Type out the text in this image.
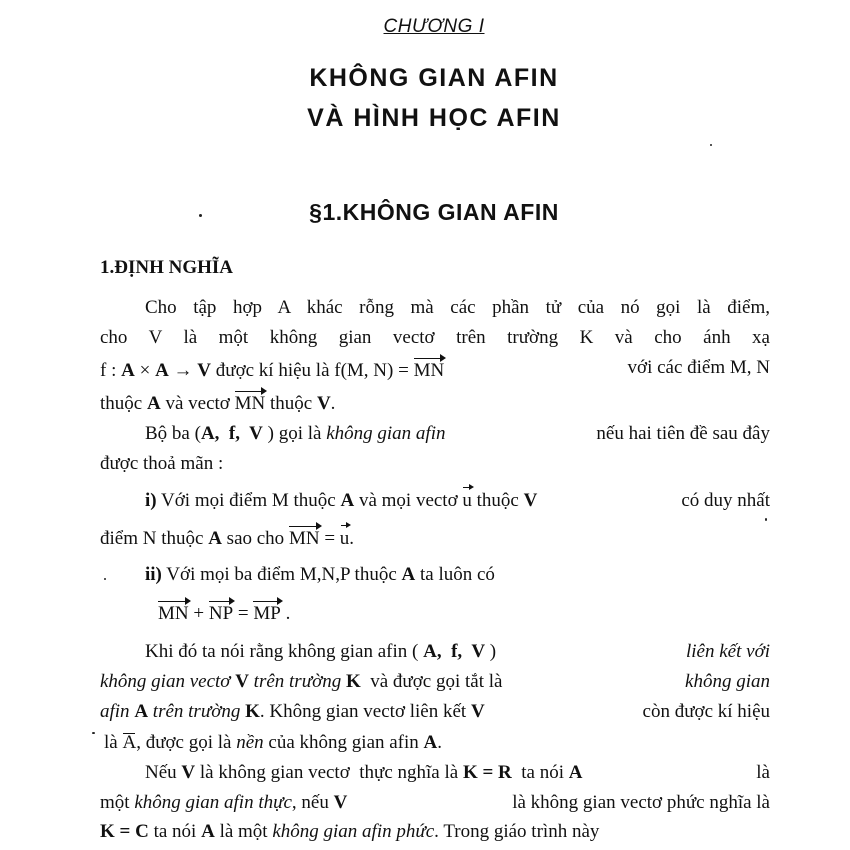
CHƯƠNG I
KHÔNG GIAN AFIN
VÀ HÌNH HỌC AFIN
§1.KHÔNG GIAN AFIN
1.ĐỊNH NGHĨA
Cho tập hợp A khác rỗng mà các phần tử của nó gọi là điểm,
cho V là một không gian vectơ trên trường K và cho ánh xạ
f : A × A → V được kí hiệu là f(M, N) = MN	với các điểm M, N
thuộc A và vectơ MN thuộc V.
Bộ ba (A,  f,  V ) gọi là không gian afin	nếu hai tiên đề sau đây
được thoả mãn :
i) Với mọi điểm M thuộc A và mọi vectơ u thuộc V	có duy nhất
điểm N thuộc A sao cho MN = u.
ii) Với mọi ba điểm M,N,P thuộc A ta luôn có
MN + NP = MP .
Khi đó ta nói rằng không gian afin ( A,  f,  V )	liên kết với
không gian vectơ V trên trường K  và được gọi tắt là	không gian
afin A trên trường K. Không gian vectơ liên kết V	còn được kí hiệu
là A, được gọi là nền của không gian afin A.
Nếu V là không gian vectơ  thực nghĩa là K = R  ta nói A	là
một không gian afin thực, nếu V	là không gian vectơ phức nghĩa là
K = C ta nói A là một không gian afin phức. Trong giáo trình này
